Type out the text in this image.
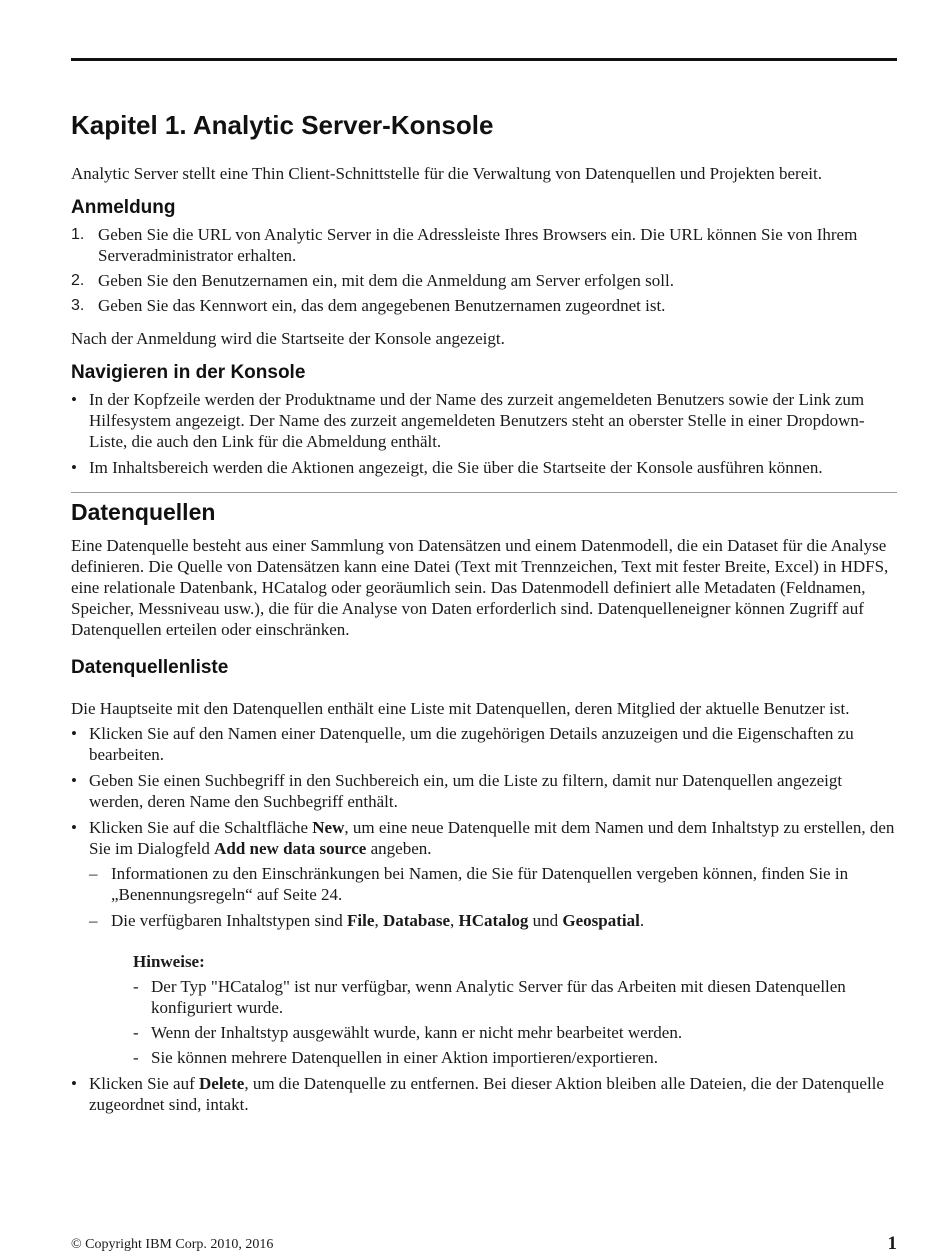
Kapitel 1. Analytic Server-Konsole

Analytic Server stellt eine Thin Client-Schnittstelle für die Verwaltung von Datenquellen und Projekten bereit.

Anmeldung
1. Geben Sie die URL von Analytic Server in die Adressleiste Ihres Browsers ein. Die URL können Sie von Ihrem Serveradministrator erhalten.
2. Geben Sie den Benutzernamen ein, mit dem die Anmeldung am Server erfolgen soll.
3. Geben Sie das Kennwort ein, das dem angegebenen Benutzernamen zugeordnet ist.

Nach der Anmeldung wird die Startseite der Konsole angezeigt.

Navigieren in der Konsole
• In der Kopfzeile werden der Produktname und der Name des zurzeit angemeldeten Benutzers sowie der Link zum Hilfesystem angezeigt. Der Name des zurzeit angemeldeten Benutzers steht an oberster Stelle in einer Dropdown-Liste, die auch den Link für die Abmeldung enthält.
• Im Inhaltsbereich werden die Aktionen angezeigt, die Sie über die Startseite der Konsole ausführen können.
Datenquellen

Eine Datenquelle besteht aus einer Sammlung von Datensätzen und einem Datenmodell, die ein Dataset für die Analyse definieren. Die Quelle von Datensätzen kann eine Datei (Text mit Trennzeichen, Text mit fester Breite, Excel) in HDFS, eine relationale Datenbank, HCatalog oder georäumlich sein. Das Datenmodell definiert alle Metadaten (Feldnamen, Speicher, Messniveau usw.), die für die Analyse von Daten erforderlich sind. Datenquelleneigner können Zugriff auf Datenquellen erteilen oder einschränken.

Datenquellenliste

Die Hauptseite mit den Datenquellen enthält eine Liste mit Datenquellen, deren Mitglied der aktuelle Benutzer ist.

• Klicken Sie auf den Namen einer Datenquelle, um die zugehörigen Details anzuzeigen und die Eigenschaften zu bearbeiten.
• Geben Sie einen Suchbegriff in den Suchbereich ein, um die Liste zu filtern, damit nur Datenquellen angezeigt werden, deren Name den Suchbegriff enthält.
• Klicken Sie auf die Schaltfläche New, um eine neue Datenquelle mit dem Namen und dem Inhaltstyp zu erstellen, den Sie im Dialogfeld Add new data source angeben.
– Informationen zu den Einschränkungen bei Namen, die Sie für Datenquellen vergeben können, finden Sie in „Benennungsregeln“ auf Seite 24.
– Die verfügbaren Inhaltstypen sind File, Database, HCatalog und Geospatial.
Hinweise:
- Der Typ "HCatalog" ist nur verfügbar, wenn Analytic Server für das Arbeiten mit diesen Datenquellen konfiguriert wurde.
- Wenn der Inhaltstyp ausgewählt wurde, kann er nicht mehr bearbeitet werden.
- Sie können mehrere Datenquellen in einer Aktion importieren/exportieren.
• Klicken Sie auf Delete, um die Datenquelle zu entfernen. Bei dieser Aktion bleiben alle Dateien, die der Datenquelle zugeordnet sind, intakt.
© Copyright IBM Corp. 2010, 2016	1
